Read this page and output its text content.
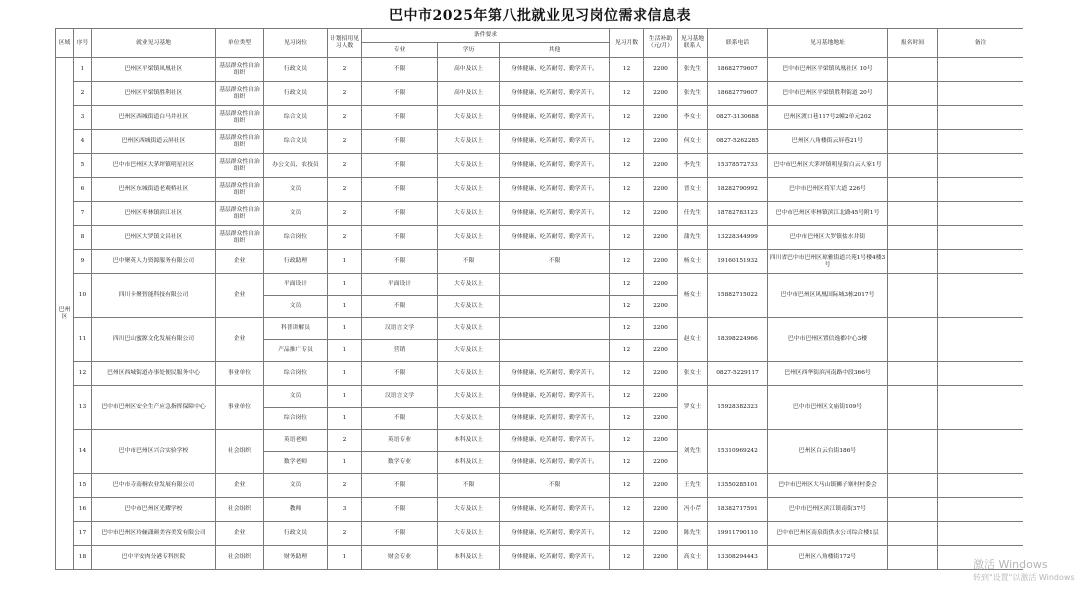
巴中市2025年第八批就业见习岗位需求信息表
区域	序号	就业见习基地	单位类型	见习岗位	计划招用见习人数	条件要求			见习月数	生活补助（元/月）	见习基地联系人	联系电话	见习基地地址	报名时间	备注
						专业	学历	其他							
巴州区	1	巴州区平梁镇凤凰社区	基层群众性自治组织	行政文员	2	不限	高中及以上	身体健康、吃苦耐劳、勤学苦干。	12	2200	张先生	18682779607	巴中市巴州区平梁镇凤凰社区 10号		
	2	巴州区平梁镇胜利社区	基层群众性自治组织	行政文员	2	不限	高中及以上	身体健康、吃苦耐劳、勤学苦干。	12	2200	张先生	18682779607	巴中市巴州区平梁镇胜利街道 20号		
	3	巴州区西城街道白马井社区	基层群众性自治组织	综合文员	2	不限	大专及以上	身体健康、吃苦耐劳、勤学苦干。	12	2200	李女士	0827-3130688	巴州区渡口巷117号2幢2单元202		
	4	巴州区西城街道云屏社区	基层群众性自治组织	综合文员	2	不限	大专及以上	身体健康、吃苦耐劳、勤学苦干。	12	2200	何女士	0827-5262285	巴州区八角楼街云屏巷21号		
	5	巴中市巴州区大茅坪镇明星社区	基层群众性自治组织	办公文员、农技员	2	不限	大专及以上	身体健康、吃苦耐劳、勤学苦干。	12	2200	李先生	15378572733	巴中市巴州区大茅坪镇明星街白云人家1号		
	6	巴州区东城街道老观桥社区	基层群众性自治组织	文员	2	不限	大专及以上	身体健康、吃苦耐劳、勤学苦干。	12	2200	晋女士	18282790992	巴中市巴州区将军大道 226号		
	7	巴州区枣林镇滨江社区	基层群众性自治组织	文员	2	不限	大专及以上	身体健康、吃苦耐劳、勤学苦干。	12	2200	任先生	18782783123	巴中市巴州区枣林镇滨江北路45号附1号		
	8	巴州区大罗镇文昌社区	基层群众性自治组织	综合岗位	2	不限	大专及以上	身体健康、吃苦耐劳、勤学苦干。	12	2200	蒲先生	13228344999	巴中市巴州区大罗镇盐水井街		
	9	巴中聚英人力资源服务有限公司	企业	行政助理	1	不限	不限	不限	12	2200	杨女士	19160151932	四川省巴中市巴州区琼雅街道兴苑1号楼4楼3号		
	10	四川卡聚智能科技有限公司	企业	平面设计	1	平面设计	大专及以上		12	2200	杨女士	15882715022	巴中市巴州区风凰国际城3栋2017号		
				文员	1	不限	大专及以上		12	2200					
	11	四川巴山蜜源文化发展有限公司	企业	科普讲解员	1	汉语言文学	大专及以上		12	2200	赵女士	18398224966	巴中市巴州区置信逸都中心3楼		
				产品推广专员	1	营销	大专及以上		12	2200					
	12	巴州区西城街道办事处便民服务中心	事业单位	综合岗位	1	不限	大专及以上	身体健康、吃苦耐劳、勤学苦干。	12	2200	张女士	0827-5229117	巴州区西华街滨河南路中段366号		
	13	巴中市巴州区安全生产应急指挥保障中心	事业单位	文员	1	汉语言文学	大专及以上	身体健康、吃苦耐劳、勤学苦干。	12	2200	罗女士	15928382323	巴中市巴州区文庙街109号		
				综合岗位	1	不限	大专及以上	身体健康、吃苦耐劳、勤学苦干。	12	2200					
	14	巴中市巴州区兴合实验学校	社会组织	英语老师	2	英语专业	本科及以上	身体健康、吃苦耐劳、勤学苦干。	12	2200	刘先生	15310969242	巴州区白云台街186号		
				数学老师	1	数学专业	本科及以上	身体健康、吃苦耐劳、勤学苦干。	12	2200					
	15	巴中市寺南桐农业发展有限公司	企业	文员	2	不限	不限	不限	12	2200	王先生	13550285101	巴中市巴州区大马山镇狮子寨村村委会		
	16	巴中市巴州区光耀学校	社会组织	教师	3	不限	大专及以上	身体健康、吃苦耐劳、勤学苦干。	12	2200	冯小芹	18382717591	巴中市巴州区滨江镇南街37号		
	17	巴中市巴州区玲俪潇颜美容美发有限公司	企业	行政文员	2	不限	大专及以上	身体健康、吃苦耐劳、勤学苦干。	12	2200	陈先生	19911790110	巴中市巴州区南泉街供水公司综合楼1层		
	18	巴中平安肉分港专科医院	社会组织	财务助理	1	财会专业	本科及以上	身体健康、吃苦耐劳、勤学苦干。	12	2200	高女士	13308294443	巴州区八角楼街172号		
激活 Windows
转到"设置"以激活 Windows
